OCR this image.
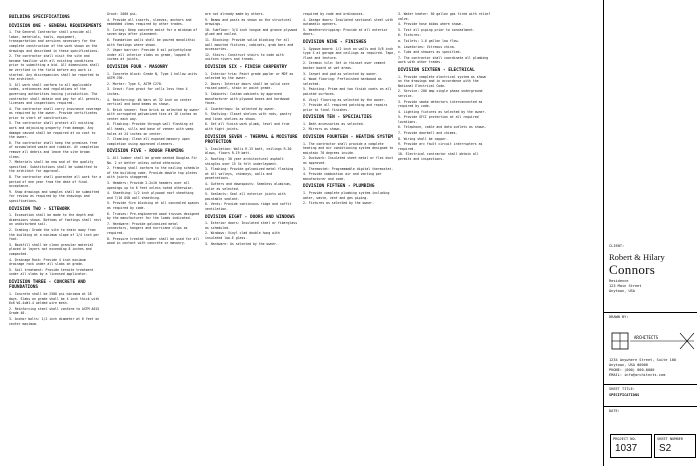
BUILDING SPECIFICATIONS
DIVISION ONE - GENERAL REQUIREMENTS
1. The General Contractor shall provide all labor, materials, tools, equipment, transportation and services necessary for the complete construction of the work shown on the drawings and described in these specifications.
2. The contractor shall visit the site and become familiar with all existing conditions prior to submitting a bid. All dimensions shall be verified in the field before any work is started. Any discrepancies shall be reported to the architect.
3. All work shall conform to all applicable codes, ordinances and regulations of the governing authorities having jurisdiction. The contractor shall obtain and pay for all permits, licenses and inspections required.
4. The contractor shall carry insurance coverage as required by the owner. Provide certificates prior to start of construction.
5. The contractor shall protect all existing work and adjoining property from damage. Any damage caused shall be repaired at no cost to the owner.
6. The contractor shall keep the premises free of accumulated waste and rubbish. At completion remove all debris and leave the site broom clean.
7. Materials shall be new and of the quality specified. Substitutions shall be submitted to the architect for approval.
8. The contractor shall guarantee all work for a period of one year from the date of final acceptance.
9. Shop drawings and samples shall be submitted for review as required by the drawings and specifications.
DIVISION TWO - SITEWORK
1. Excavation shall be made to the depth and dimensions shown. Bottoms of footings shall rest on undisturbed soil.
2. Grading: Grade the site to drain away from the building at a minimum slope of 1/4 inch per foot.
3. Backfill shall be clean granular material placed in layers not exceeding 8 inches and compacted.
4. Drainage Rock: Provide 4 inch minimum drainage rock under all slabs on grade.
5. Soil treatment: Provide termite treatment under all slabs by a licensed applicator.
DIVISION THREE - CONCRETE AND FOUNDATIONS
1. Concrete shall be 2500 psi minimum at 28 days. Slabs on grade shall be 4 inch thick with 6x6 W1.4xW1.4 welded wire mesh.
2. Reinforcing steel shall conform to ASTM A615 Grade 40.
3. Anchor bolts: 1/2 inch diameter at 6 feet on center maximum.
Grout: 2000 psi.
4. Provide all inserts, sleeves, anchors and embedded items required by other trades.
5. Curing: Keep concrete moist for a minimum of seven days after placement.
6. Foundation walls shall be poured monolithic with footings where shown.
7. Vapor barrier: Provide 6 mil polyethylene under all interior slabs on grade, lapped 6 inches at joints.
DIVISION FOUR - MASONRY
1. Concrete block: Grade N, Type 1 hollow units ASTM C90.
2. Mortar: Type S, ASTM C270.
3. Grout: Fine grout for cells less than 4 inches.
4. Reinforcing: #4 bars at 32 inch on center vertical and bond beams as shown.
5. Brick veneer: Face brick as selected by owner with corrugated galvanized ties at 16 inches on center each way.
6. Flashing: Provide through wall flashing at all heads, sills and base of veneer with weep holes at 24 inches on center.
7. Cleaning: Clean all exposed masonry upon completion using approved cleaners.
DIVISION FIVE - ROUGH FRAMING
1. All lumber shall be grade marked Douglas Fir No. 2 or better unless noted otherwise.
2. Framing shall conform to the nailing schedule of the building code. Provide double top plates with joints staggered.
3. Headers: Provide 2-2x10 headers over all openings up to 6 feet unless noted otherwise.
4. Sheathing: 1/2 inch plywood roof sheathing and 7/16 OSB wall sheathing.
5. Provide fire blocking at all concealed spaces as required by code.
6. Trusses: Pre-engineered wood trusses designed by the manufacturer for the loads indicated.
7. Hardware: Provide galvanized metal connectors, hangers and hurricane clips as required.
8. Pressure treated lumber shall be used for all wood in contact with concrete or masonry.
are not already made by others.
9. Beams and posts as shown on the structural drawings.
10. Subfloor: 3/4 inch tongue and groove plywood glued and nailed.
11. Blocking: Provide solid blocking for all wall mounted fixtures, cabinets, grab bars and accessories.
12. Stairs: Construct stairs to code with uniform risers and treads.
DIVISION SIX - FINISH CARPENTRY
1. Interior trim: Paint grade poplar or MDF as selected by the owner.
2. Doors: Interior doors shall be solid core raised panel, stain or paint grade.
3. Cabinets: Custom cabinets by approved manufacturer with plywood boxes and hardwood faces.
4. Countertops: As selected by owner.
5. Shelving: Closet shelves with rods, pantry and linen shelves as shown.
6. Set all finish work plumb, level and true with tight joints.
DIVISION SEVEN - THERMAL & MOISTURE PROTECTION
1. Insulation: Walls R-13 batt, ceilings R-30 blown, floors R-19 batt.
2. Roofing: 30 year architectural asphalt shingles over 15 lb felt underlayment.
3. Flashing: Provide galvanized metal flashing at all valleys, chimneys, walls and penetrations.
4. Gutters and downspouts: Seamless aluminum, color as selected.
5. Sealants: Seal all exterior joints with paintable sealant.
6. Vents: Provide continuous ridge and soffit ventilation.
DIVISION EIGHT - DOORS AND WINDOWS
1. Exterior doors: Insulated steel or fiberglass as scheduled.
2. Windows: Vinyl clad double hung with insulated low-E glass.
3. Hardware: As selected by the owner.
required by code and ordinances.
4. Garage doors: Insulated sectional steel with automatic openers.
5. Weatherstripping: Provide at all exterior doors.
DIVISION NINE - FINISHES
1. Gypsum board: 1/2 inch on walls and 5/8 inch type X at garage and ceilings as required. Tape, float and texture.
2. Ceramic tile: Set in thinset over cement backer board at wet areas.
3. Carpet and pad as selected by owner.
4. Wood flooring: Prefinished hardwood as selected.
5. Painting: Prime and two finish coats on all painted surfaces.
6. Vinyl flooring as selected by the owner.
7. Provide all required patching and repairs prior to final finishes.
DIVISION TEN - SPECIALTIES
1. Bath accessories as selected.
2. Mirrors as shown.
DIVISION FOURTEEN - HEATING SYSTEM
1. The contractor shall provide a complete heating and air conditioning system designed to maintain 70 degrees inside.
2. Ductwork: Insulated sheet metal or flex duct as approved.
3. Thermostat: Programmable digital thermostat.
4. Provide combustion air and venting per manufacturer and code.
DIVISION FIFTEEN - PLUMBING
1. Provide complete plumbing system including water, waste, vent and gas piping.
2. Fixtures as selected by the owner.
3. Water heater: 50 gallon gas fired with relief valve.
4. Provide hose bibbs where shown.
5. Test all piping prior to concealment.
6. Fixtures:
a. Toilets: 1.6 gallon low flow.
b. Lavatories: Vitreous china.
c. Tubs and showers as specified.
7. The contractor shall coordinate all plumbing work with other trades.
DIVISION SIXTEEN - ELECTRICAL
1. Provide complete electrical system as shown on the drawings and in accordance with the National Electrical Code.
2. Service: 200 amp single phase underground service.
3. Provide smoke detectors interconnected as required by code.
4. Lighting fixtures as selected by the owner.
5. Provide GFCI protection at all required locations.
6. Telephone, cable and data outlets as shown.
7. Provide doorbell and chimes.
8. Wiring shall be copper.
9. Provide arc fault circuit interrupters as required.
10. Electrical contractor shall obtain all permits and inspections.
CLIENT:
Robert & Hilary
Connors
Residence
123 Main Street
Anytown, USA
DRAWN BY:
ARCHITECTS
1234 Anywhere Street, Suite 100
Anytown, USA 00000
PHONE: (000) 000-0000
EMAIL: info@architects.com
SHEET TITLE:
SPECIFICATIONS
DATE:
PROJECT NO.
1037
SHEET NUMBER
S2
